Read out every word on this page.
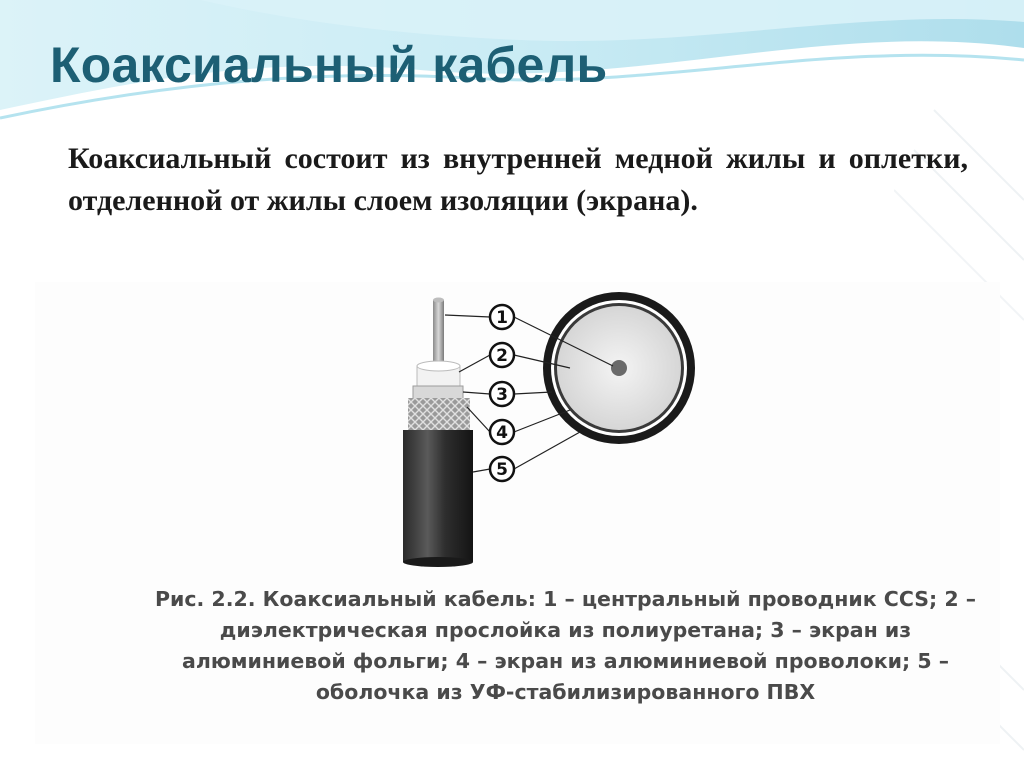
Коаксиальный кабель

Коаксиальный состоит из внутренней медной жилы и оплетки, отделенной от жилы слоем изоляции (экрана).

1
2
3
4
5

Рис. 2.2. Коаксиальный кабель: 1 – центральный проводник CCS; 2 – диэлектрическая прослойка из полиуретана; 3 – экран из алюминиевой фольги; 4 – экран из алюминиевой проволоки; 5 – оболочка из УФ-стабилизированного ПВХ
